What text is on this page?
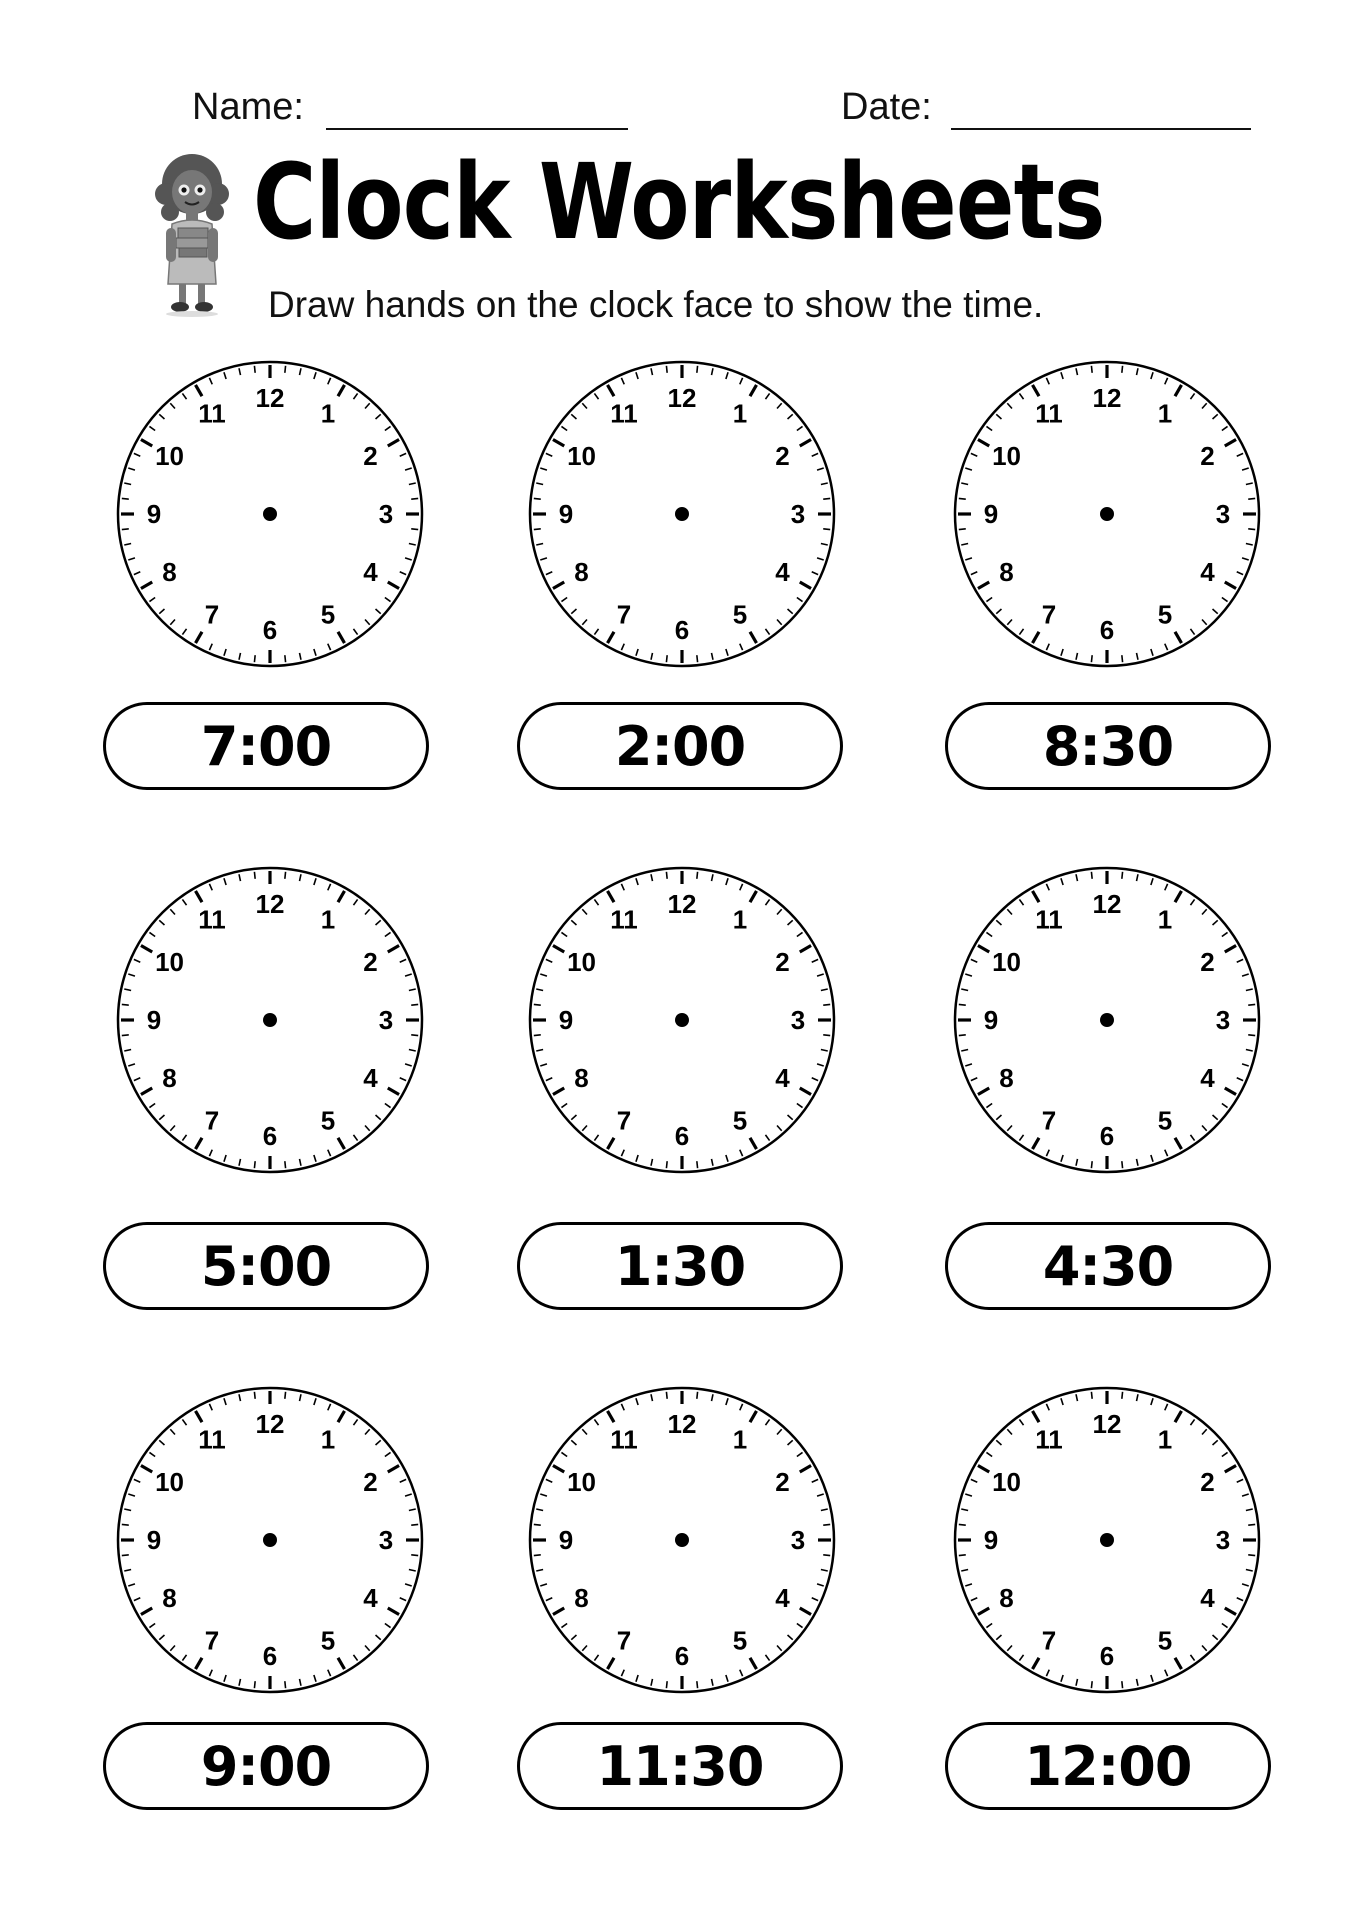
Name:	Date:
Clock Worksheets
Draw hands on the clock face to show the time.
12
1
2
3
4
5
6
7
8
9
10
11
7:00
12
1
2
3
4
5
6
7
8
9
10
11
2:00
12
1
2
3
4
5
6
7
8
9
10
11
8:30
12
1
2
3
4
5
6
7
8
9
10
11
5:00
12
1
2
3
4
5
6
7
8
9
10
11
1:30
12
1
2
3
4
5
6
7
8
9
10
11
4:30
12
1
2
3
4
5
6
7
8
9
10
11
9:00
12
1
2
3
4
5
6
7
8
9
10
11
11:30
12
1
2
3
4
5
6
7
8
9
10
11
12:00
